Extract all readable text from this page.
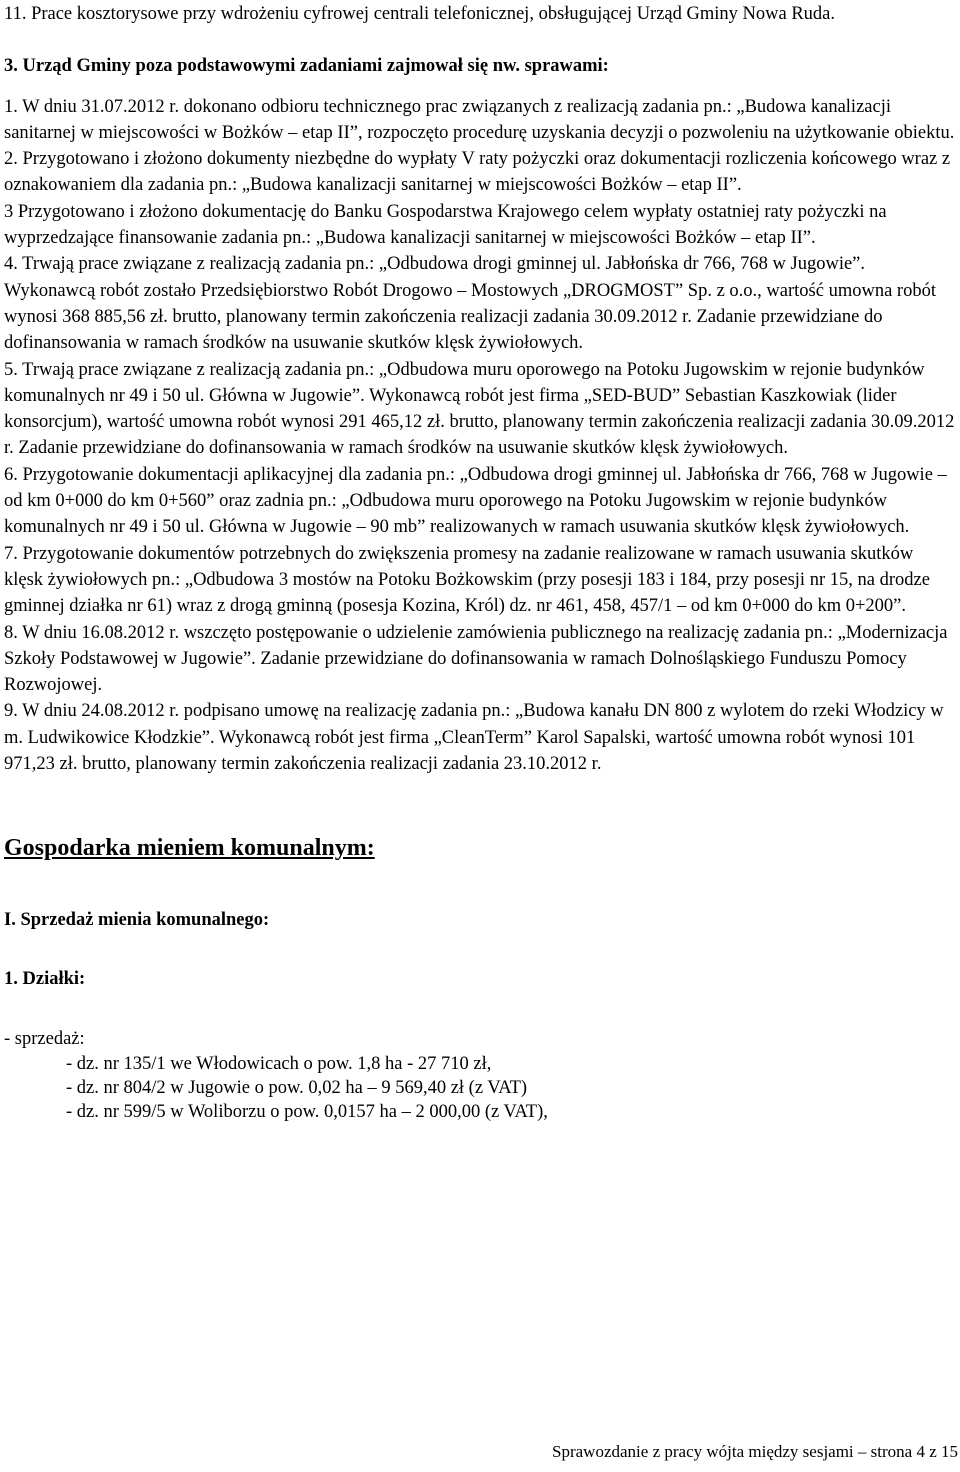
11. Prace kosztorysowe przy wdrożeniu cyfrowej centrali telefonicznej, obsługującej Urząd Gminy Nowa Ruda.

3. Urząd Gminy poza podstawowymi zadaniami zajmował się nw. sprawami:

1. W dniu 31.07.2012 r. dokonano odbioru technicznego prac związanych z realizacją zadania pn.: „Budowa kanalizacji sanitarnej w miejscowości w Bożków – etap II”, rozpoczęto procedurę uzyskania decyzji o pozwoleniu na użytkowanie obiektu.

2. Przygotowano i złożono dokumenty niezbędne do wypłaty V raty pożyczki oraz dokumentacji rozliczenia końcowego wraz z oznakowaniem dla zadania pn.: „Budowa kanalizacji sanitarnej w miejscowości Bożków – etap II”.

3 Przygotowano i złożono dokumentację do Banku Gospodarstwa Krajowego celem wypłaty ostatniej raty pożyczki na wyprzedzające finansowanie zadania pn.: „Budowa kanalizacji sanitarnej w miejscowości Bożków – etap II”.

4. Trwają prace związane z realizacją zadania pn.: „Odbudowa drogi gminnej ul. Jabłońska dr 766, 768 w Jugowie”. Wykonawcą robót zostało Przedsiębiorstwo Robót Drogowo – Mostowych „DROGMOST” Sp. z o.o., wartość umowna robót wynosi 368 885,56 zł. brutto, planowany termin zakończenia realizacji zadania 30.09.2012 r. Zadanie przewidziane do dofinansowania w ramach środków na usuwanie skutków klęsk żywiołowych.

5. Trwają prace związane z realizacją zadania pn.: „Odbudowa muru oporowego na Potoku Jugowskim w rejonie budynków komunalnych nr 49 i 50 ul. Główna w Jugowie”. Wykonawcą robót jest firma „SED-BUD” Sebastian Kaszkowiak (lider konsorcjum), wartość umowna robót wynosi 291 465,12 zł. brutto, planowany termin zakończenia realizacji zadania 30.09.2012 r. Zadanie przewidziane do dofinansowania w ramach środków na usuwanie skutków klęsk żywiołowych.

6. Przygotowanie dokumentacji aplikacyjnej dla zadania pn.: „Odbudowa drogi gminnej ul. Jabłońska dr 766, 768 w Jugowie – od km 0+000 do km 0+560” oraz zadnia pn.: „Odbudowa muru oporowego na Potoku Jugowskim w rejonie budynków komunalnych nr 49 i 50 ul. Główna w Jugowie – 90 mb” realizowanych w ramach usuwania skutków klęsk żywiołowych.

7. Przygotowanie dokumentów potrzebnych do zwiększenia promesy na zadanie realizowane w ramach usuwania skutków klęsk żywiołowych pn.: „Odbudowa 3 mostów na Potoku Bożkowskim (przy posesji 183 i 184, przy posesji nr 15, na drodze gminnej działka nr 61) wraz z drogą gminną (posesja Kozina, Król) dz. nr 461, 458, 457/1 – od km 0+000 do km 0+200”.

8. W dniu 16.08.2012 r. wszczęto postępowanie o udzielenie zamówienia publicznego na realizację zadania pn.: „Modernizacja Szkoły Podstawowej w Jugowie”. Zadanie przewidziane do dofinansowania w ramach Dolnośląskiego Funduszu Pomocy Rozwojowej.

9. W dniu 24.08.2012 r. podpisano umowę na realizację zadania pn.: „Budowa kanału DN 800 z wylotem do rzeki Włodzicy w m. Ludwikowice Kłodzkie”. Wykonawcą robót jest firma „CleanTerm” Karol Sapalski, wartość umowna robót wynosi 101 971,23 zł. brutto, planowany termin zakończenia realizacji zadania 23.10.2012 r.

Gospodarka mieniem komunalnym:

I. Sprzedaż mienia komunalnego:

1. Działki:

- sprzedaż:

- dz. nr 135/1 we Włodowicach o pow. 1,8 ha - 27 710 zł,

- dz. nr 804/2 w Jugowie o pow. 0,02 ha – 9 569,40 zł (z VAT)

- dz. nr 599/5 w Woliborzu o pow. 0,0157 ha – 2 000,00 (z VAT),

Sprawozdanie z pracy wójta między sesjami – strona 4 z 15
